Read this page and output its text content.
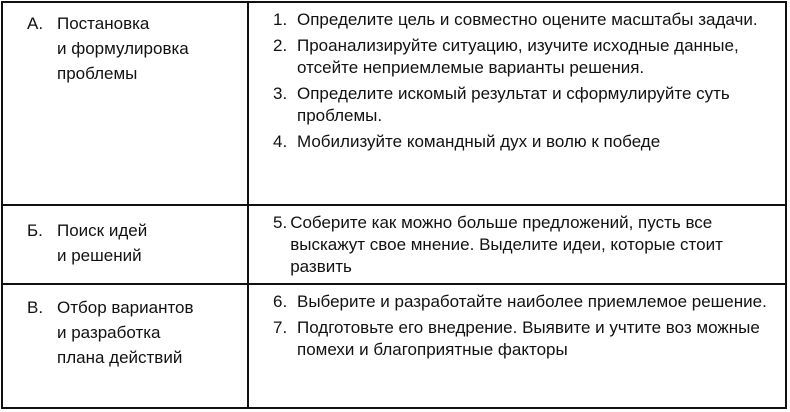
А. Постановка
и формулировка
проблемы
1. Определите цель и совместно оцените масштабы задачи.
2. Проанализируйте ситуацию, изучите исходные данные, отсейте неприемлемые варианты решения.
3. Определите искомый результат и сформулируйте суть проблемы.
4. Мобилизуйте командный дух и волю к победе
Б. Поиск идей
и решений
5. Соберите как можно больше предложений, пусть все выскажут свое мнение. Выделите идеи, которые стоит развить
В. Отбор вариантов
и разработка
плана действий
6. Выберите и разработайте наиболее приемлемое решение.
7. Подготовьте его внедрение. Выявите и учтите воз можные помехи и благоприятные факторы
